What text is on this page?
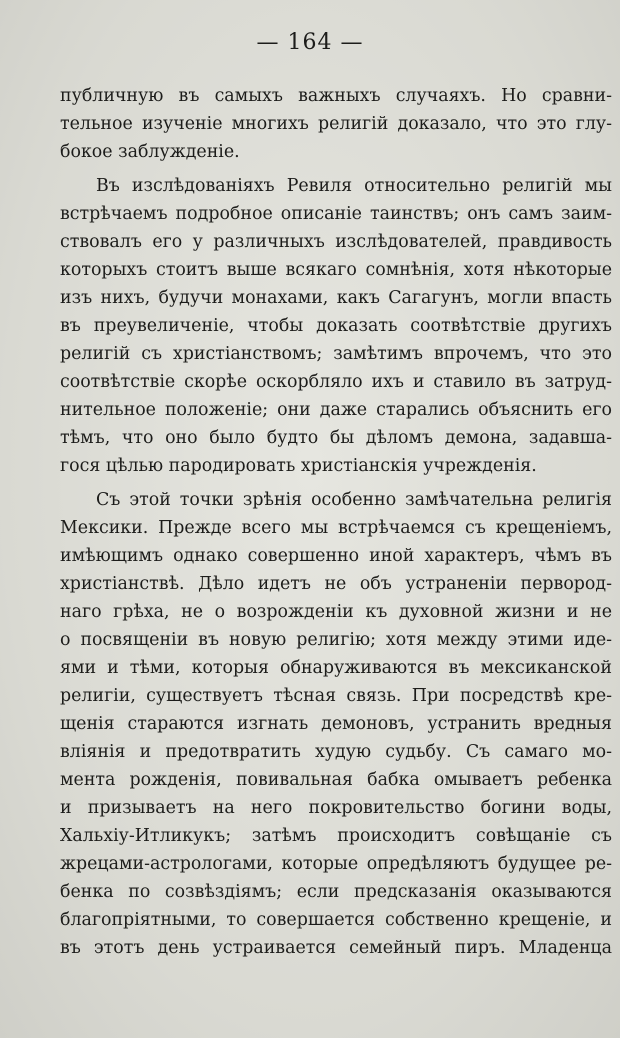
— 164 —
публичную въ самыхъ важныхъ случаяхъ. Но сравни-
тельное изученіе многихъ религій доказало, что это глу-
бокое заблужденіе.
Въ изслѣдованіяхъ Ревиля относительно религій мы
встрѣчаемъ подробное описаніе таинствъ; онъ самъ заим-
ствовалъ его у различныхъ изслѣдователей, правдивость
которыхъ стоитъ выше всякаго сомнѣнія, хотя нѣкоторые
изъ нихъ, будучи монахами, какъ Сагагунъ, могли впасть
въ преувеличеніе, чтобы доказать соотвѣтствіе другихъ
религій съ христіанствомъ; замѣтимъ впрочемъ, что это
соотвѣтствіе скорѣе оскорбляло ихъ и ставило въ затруд-
нительное положеніе; они даже старались объяснить его
тѣмъ, что оно было будто бы дѣломъ демона, задавша-
гося цѣлью пародировать христіанскія учрежденія.
Съ этой точки зрѣнія особенно замѣчательна религія
Мексики. Прежде всего мы встрѣчаемся съ крещеніемъ,
имѣющимъ однако совершенно иной характеръ, чѣмъ въ
христіанствѣ. Дѣло идетъ не объ устраненіи первород-
наго грѣха, не о возрожденіи къ духовной жизни и не
о посвященіи въ новую религію; хотя между этими иде-
ями и тѣми, которыя обнаруживаются въ мексиканской
религіи, существуетъ тѣсная связь. При посредствѣ кре-
щенія стараются изгнать демоновъ, устранить вредныя
вліянія и предотвратить худую судьбу. Съ самаго мо-
мента рожденія, повивальная бабка омываетъ ребенка
и призываетъ на него покровительство богини воды,
Хальхіу-Итликукъ; затѣмъ происходитъ совѣщаніе съ
жрецами-астрологами, которые опредѣляютъ будущее ре-
бенка по созвѣздіямъ; если предсказанія оказываются
благопріятными, то совершается собственно крещеніе, и
въ этотъ день устраивается семейный пиръ. Младенца
